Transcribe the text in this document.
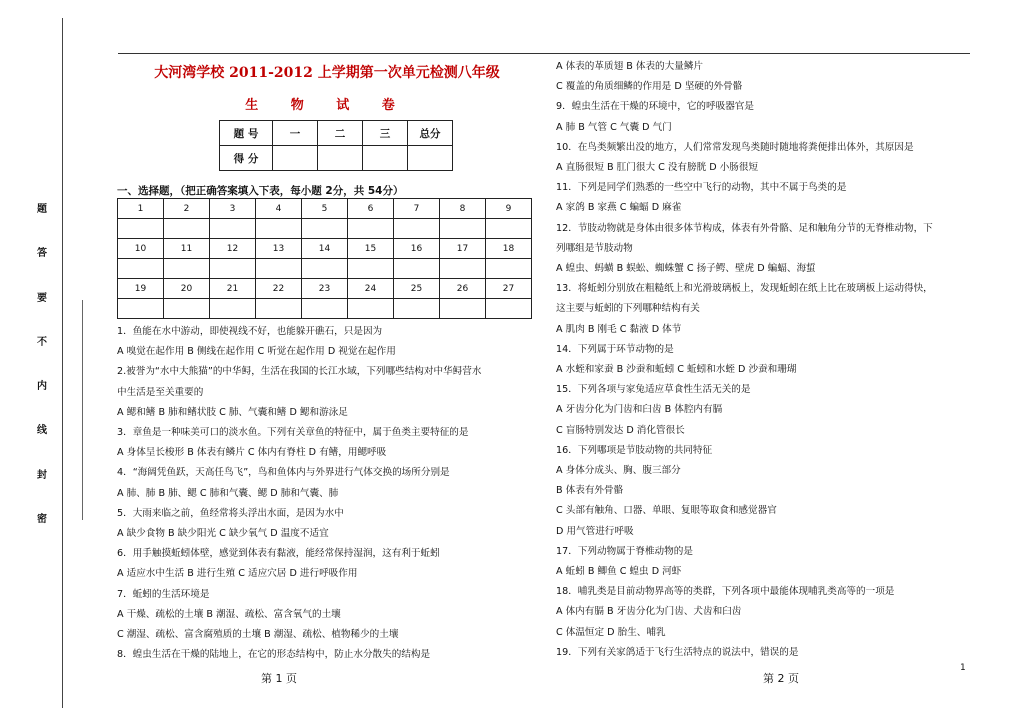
题
答
要
不
内
线
封
密
大河湾学校 2011-2012 上学期第一次单元检测八年级
生 物 试 卷
题 号	一	二	三	总分
得 分				
一、选择题，（把正确答案填入下表，每小题 2分，共 54分）
1	2	3	4	5	6	7	8	9

10	11	12	13	14	15	16	17	18

19	20	21	22	23	24	25	26	27

1．鱼能在水中游动，即使视线不好，也能躲开礁石，只是因为
A 嗅觉在起作用 B 侧线在起作用 C 听觉在起作用 D 视觉在起作用
2.被誉为“水中大熊猫”的中华鲟，生活在我国的长江水域，下列哪些结构对中华鲟营水
中生活是至关重要的
A 鳃和鳍 B 肺和鳍状肢 C 肺、气囊和鳍 D 鳃和游泳足
3．章鱼是一种味美可口的淡水鱼。下列有关章鱼的特征中，属于鱼类主要特征的是
A 身体呈长梭形 B 体表有鳞片 C 体内有脊柱 D 有鳍，用鳃呼吸
4．“海阔凭鱼跃，天高任鸟飞”，鸟和鱼体内与外界进行气体交换的场所分别是
A 肺、肺 B 肺、鳃 C 肺和气囊、鳃 D 肺和气囊、肺
5．大雨来临之前，鱼经常将头浮出水面，是因为水中
A 缺少食物 B 缺少阳光 C 缺少氧气 D 温度不适宜
6．用手触摸蚯蚓体壁，感觉到体表有黏液，能经常保持湿润，这有利于蚯蚓
A 适应水中生活 B 进行生殖 C 适应穴居 D 进行呼吸作用
7．蚯蚓的生活环境是
A 干燥、疏松的土壤 B 潮湿、疏松、富含氧气的土壤
C 潮湿、疏松、富含腐殖质的土壤 B 潮湿、疏松、植物稀少的土壤
8．蝗虫生活在干燥的陆地上，在它的形态结构中，防止水分散失的结构是
A 体表的革质翅 B 体表的大量鳞片
C 覆盖的角质细鳞的作用是 D 坚硬的外骨骼
9．蝗虫生活在干燥的环境中，它的呼吸器官是
A 肺 B 气管 C 气囊 D 气门
10．在鸟类频繁出没的地方，人们常常发现鸟类随时随地将粪便排出体外，其原因是
A 直肠很短 B 肛门很大 C 没有膀胱 D 小肠很短
11．下列是同学们熟悉的一些空中飞行的动物，其中不属于鸟类的是
A 家鸽 B 家燕 C 蝙蝠 D 麻雀
12．节肢动物就是身体由很多体节构成，体表有外骨骼、足和触角分节的无脊椎动物，下
列哪组是节肢动物
A 蝗虫、蚂蟥 B 蜈蚣、蜘蛛蟹 C 扬子鳄、壁虎 D 蝙蝠、海蜇
13．将蚯蚓分别放在粗糙纸上和光滑玻璃板上，发现蚯蚓在纸上比在玻璃板上运动得快，
这主要与蚯蚓的下列哪种结构有关
A 肌肉 B 刚毛 C 黏液 D 体节
14．下列属于环节动物的是
A 水蛭和家蚕 B 沙蚕和蚯蚓 C 蚯蚓和水蛭 D 沙蚕和珊瑚
15．下列各项与家兔适应草食性生活无关的是
A 牙齿分化为门齿和臼齿 B 体腔内有膈
C 盲肠特别发达 D 消化管很长
16．下列哪项是节肢动物的共同特征
A 身体分成头、胸、腹三部分
B 体表有外骨骼
C 头部有触角、口器、单眼、复眼等取食和感觉器官
D 用气管进行呼吸
17．下列动物属于脊椎动物的是
A 蚯蚓 B 鲫鱼 C 蝗虫 D 河虾
18．哺乳类是目前动物界高等的类群，下列各项中最能体现哺乳类高等的一项是
A 体内有膈 B 牙齿分化为门齿、犬齿和臼齿
C 体温恒定 D 胎生、哺乳
19．下列有关家鸽适于飞行生活特点的说法中，错误的是
第 1 页	第 2 页
1
